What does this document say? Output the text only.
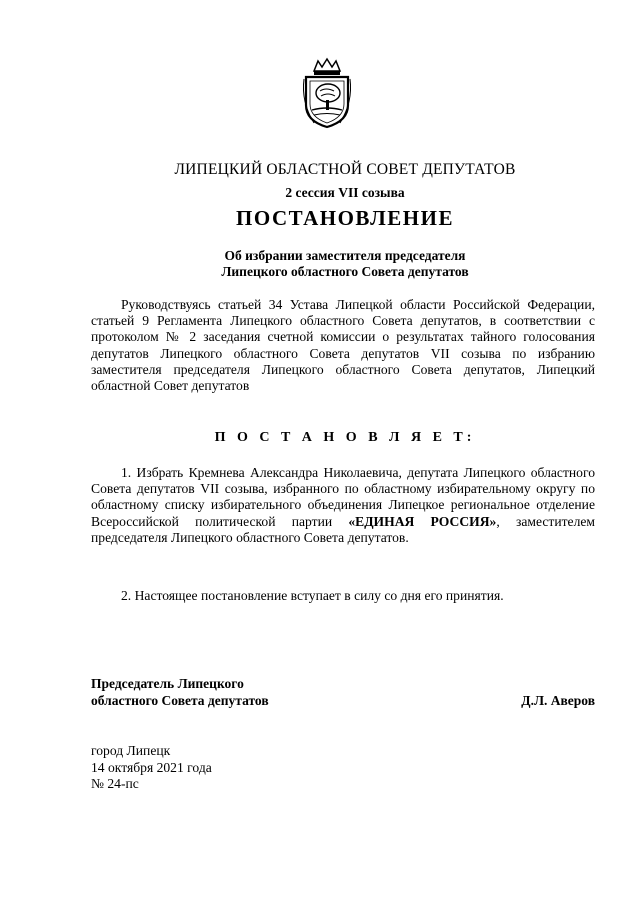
ЛИПЕЦКИЙ ОБЛАСТНОЙ СОВЕТ ДЕПУТАТОВ
2 сессия VII созыва
ПОСТАНОВЛЕНИЕ
Об избрании заместителя председателя
Липецкого областного Совета депутатов
Руководствуясь статьей 34 Устава Липецкой области Российской Федерации, статьей 9 Регламента Липецкого областного Совета депутатов, в соответствии с протоколом № 2 заседания счетной комиссии о результатах тайного голосования депутатов Липецкого областного Совета депутатов VII созыва по избранию заместителя председателя Липецкого областного Совета депутатов, Липецкий областной Совет депутатов
П О С Т А Н О В Л Я Е Т:
1. Избрать Кремнева Александра Николаевича, депутата Липецкого областного Совета депутатов VII созыва, избранного по областному избирательному округу по областному списку избирательного объединения Липецкое региональное отделение Всероссийской политической партии «ЕДИНАЯ РОССИЯ», заместителем председателя Липецкого областного Совета депутатов.
2. Настоящее постановление вступает в силу со дня его принятия.
Председатель Липецкого
областного Совета депутатов	Д.Л. Аверов
город Липецк
14 октября 2021 года
№ 24-пс
